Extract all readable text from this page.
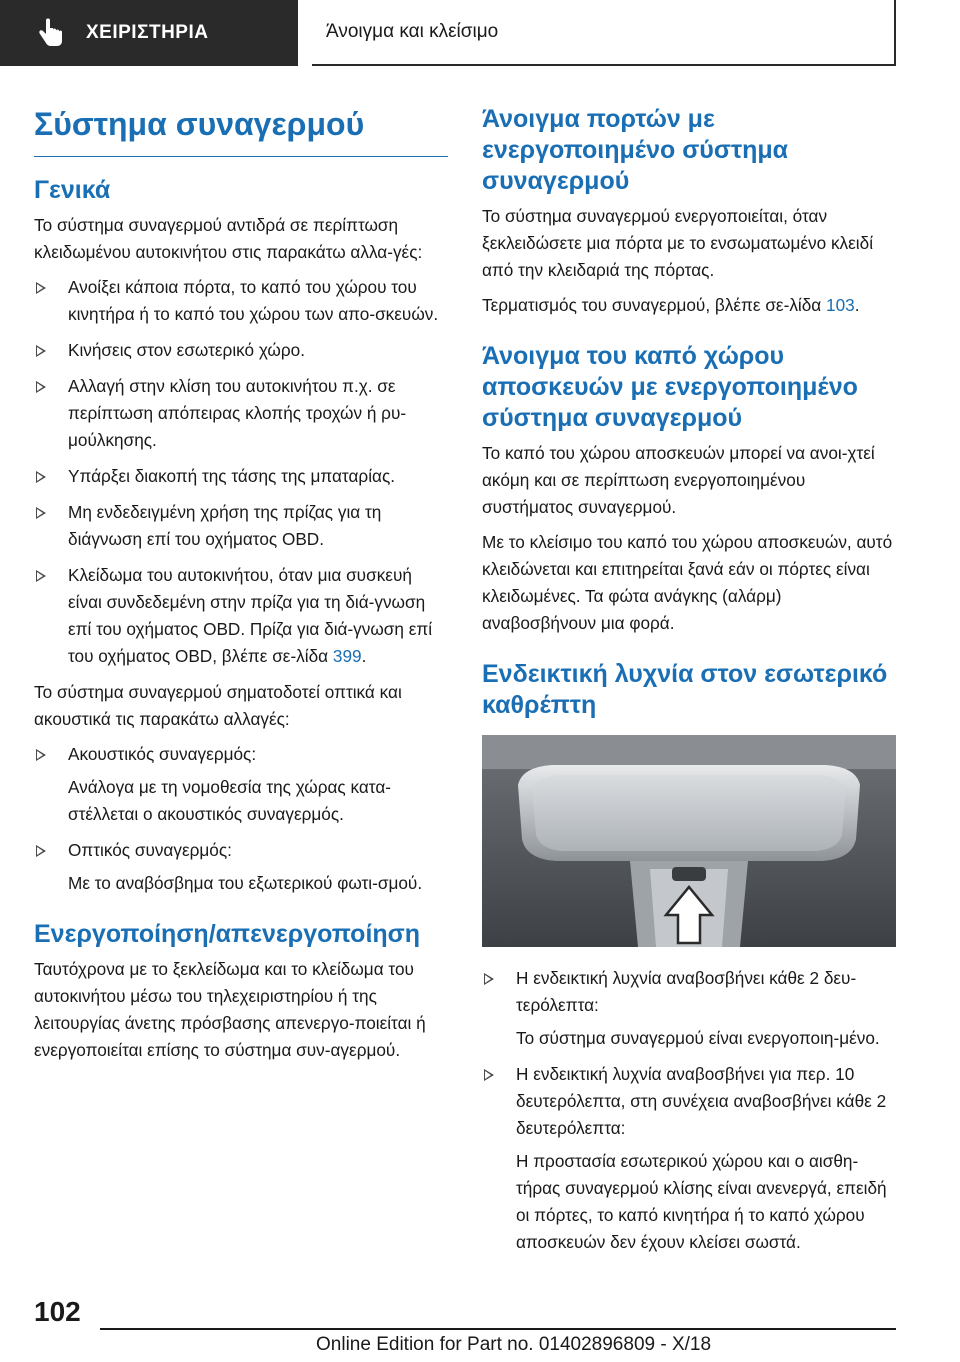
ΧΕΙΡΙΣΤΗΡΙΑ	Άνοιγμα και κλείσιμο
Σύστημα συναγερμού
Γενικά

Το σύστημα συναγερμού αντιδρά σε περίπτωση κλειδωμένου αυτοκινήτου στις παρακάτω αλλα-γές:

Ανοίξει κάποια πόρτα, το καπό του χώρου του κινητήρα ή το καπό του χώρου των απο-σκευών.
Κινήσεις στον εσωτερικό χώρο.
Αλλαγή στην κλίση του αυτοκινήτου π.χ. σε περίπτωση απόπειρας κλοπής τροχών ή ρυ-μούλκησης.
Υπάρξει διακοπή της τάσης της μπαταρίας.
Μη ενδεδειγμένη χρήση της πρίζας για τη διάγνωση επί του οχήματος OBD.
Κλείδωμα του αυτοκινήτου, όταν μια συσκευή είναι συνδεδεμένη στην πρίζα για τη διά-γνωση επί του οχήματος OBD. Πρίζα για διά-γνωση επί του οχήματος OBD, βλέπε σε-λίδα 399.

Το σύστημα συναγερμού σηματοδοτεί οπτικά και ακουστικά τις παρακάτω αλλαγές:

Ακουστικός συναγερμός:
Ανάλογα με τη νομοθεσία της χώρας κατα-στέλλεται ο ακουστικός συναγερμός.
Οπτικός συναγερμός:
Με το αναβόσβημα του εξωτερικού φωτι-σμού.
Ενεργοποίηση/απενεργοποίηση

Ταυτόχρονα με το ξεκλείδωμα και το κλείδωμα του αυτοκινήτου μέσω του τηλεχειριστηρίου ή της λειτουργίας άνετης πρόσβασης απενεργο-ποιείται ή ενεργοποιείται επίσης το σύστημα συν-αγερμού.

Άνοιγμα πορτών με ενεργοποιημένο σύστημα συναγερμού

Το σύστημα συναγερμού ενεργοποιείται, όταν ξεκλειδώσετε μια πόρτα με το ενσωματωμένο κλειδί από την κλειδαριά της πόρτας.

Τερματισμός του συναγερμού, βλέπε σε-λίδα 103.

Άνοιγμα του καπό χώρου αποσκευών με ενεργοποιημένο σύστημα συναγερμού

Το καπό του χώρου αποσκευών μπορεί να ανοι-χτεί ακόμη και σε περίπτωση ενεργοποιημένου συστήματος συναγερμού.

Με το κλείσιμο του καπό του χώρου αποσκευών, αυτό κλειδώνεται και επιτηρείται ξανά εάν οι πόρτες είναι κλειδωμένες. Τα φώτα ανάγκης (αλάρμ) αναβοσβήνουν μια φορά.

Ενδεικτική λυχνία στον εσωτερικό καθρέπτη
Η ενδεικτική λυχνία αναβοσβήνει κάθε 2 δευ-τερόλεπτα:
Το σύστημα συναγερμού είναι ενεργοποιη-μένο.
Η ενδεικτική λυχνία αναβοσβήνει για περ. 10 δευτερόλεπτα, στη συνέχεια αναβοσβήνει κάθε 2 δευτερόλεπτα:
Η προστασία εσωτερικού χώρου και ο αισθη-τήρας συναγερμού κλίσης είναι ανενεργά, επειδή οι πόρτες, το καπό κινητήρα ή το καπό χώρου αποσκευών δεν έχουν κλείσει σωστά.
102
Online Edition for Part no. 01402896809 - X/18
